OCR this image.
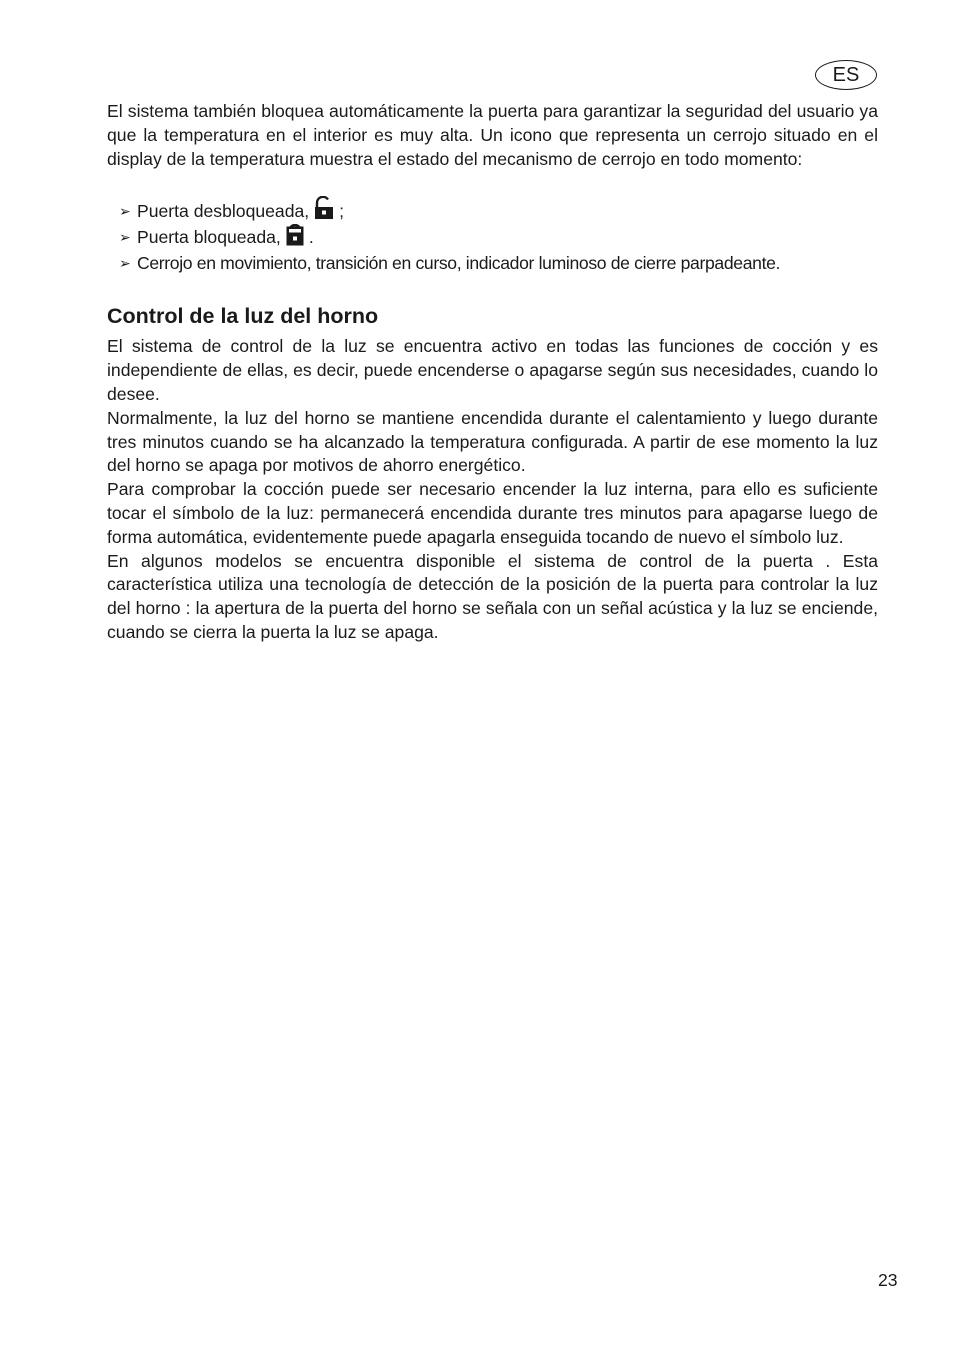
ES

El sistema también bloquea automáticamente la puerta para garantizar la seguridad del usuario ya que la temperatura en el interior es muy alta. Un icono que representa un cerrojo situado en el display de la temperatura muestra el estado del mecanismo de cerrojo en todo momento:

➢ Puerta desbloqueada, ;
➢ Puerta bloqueada, .
➢ Cerrojo en movimiento, transición en curso, indicador luminoso de cierre parpadeante.
Control de la luz del horno

El sistema de control de la luz se encuentra activo en todas las funciones de cocción y es independiente de ellas, es decir, puede encenderse o apagarse según sus necesidades, cuando lo desee.

Normalmente, la luz del horno se mantiene encendida durante el calentamiento y luego durante tres minutos cuando se ha alcanzado la temperatura configurada. A partir de ese momento la luz del horno se apaga por motivos de ahorro energético.

Para comprobar la cocción puede ser necesario encender la luz interna, para ello es suficiente tocar el símbolo de la luz: permanecerá encendida durante tres minutos para apagarse luego de forma automática, evidentemente puede apagarla enseguida tocando de nuevo el símbolo luz.

En algunos modelos se encuentra disponible el sistema de control de la puerta . Esta característica utiliza una tecnología de detección de la posición de la puerta para controlar la luz del horno : la apertura de la puerta del horno se señala con un señal acústica y la luz se enciende, cuando se cierra la puerta la luz se apaga.

23
